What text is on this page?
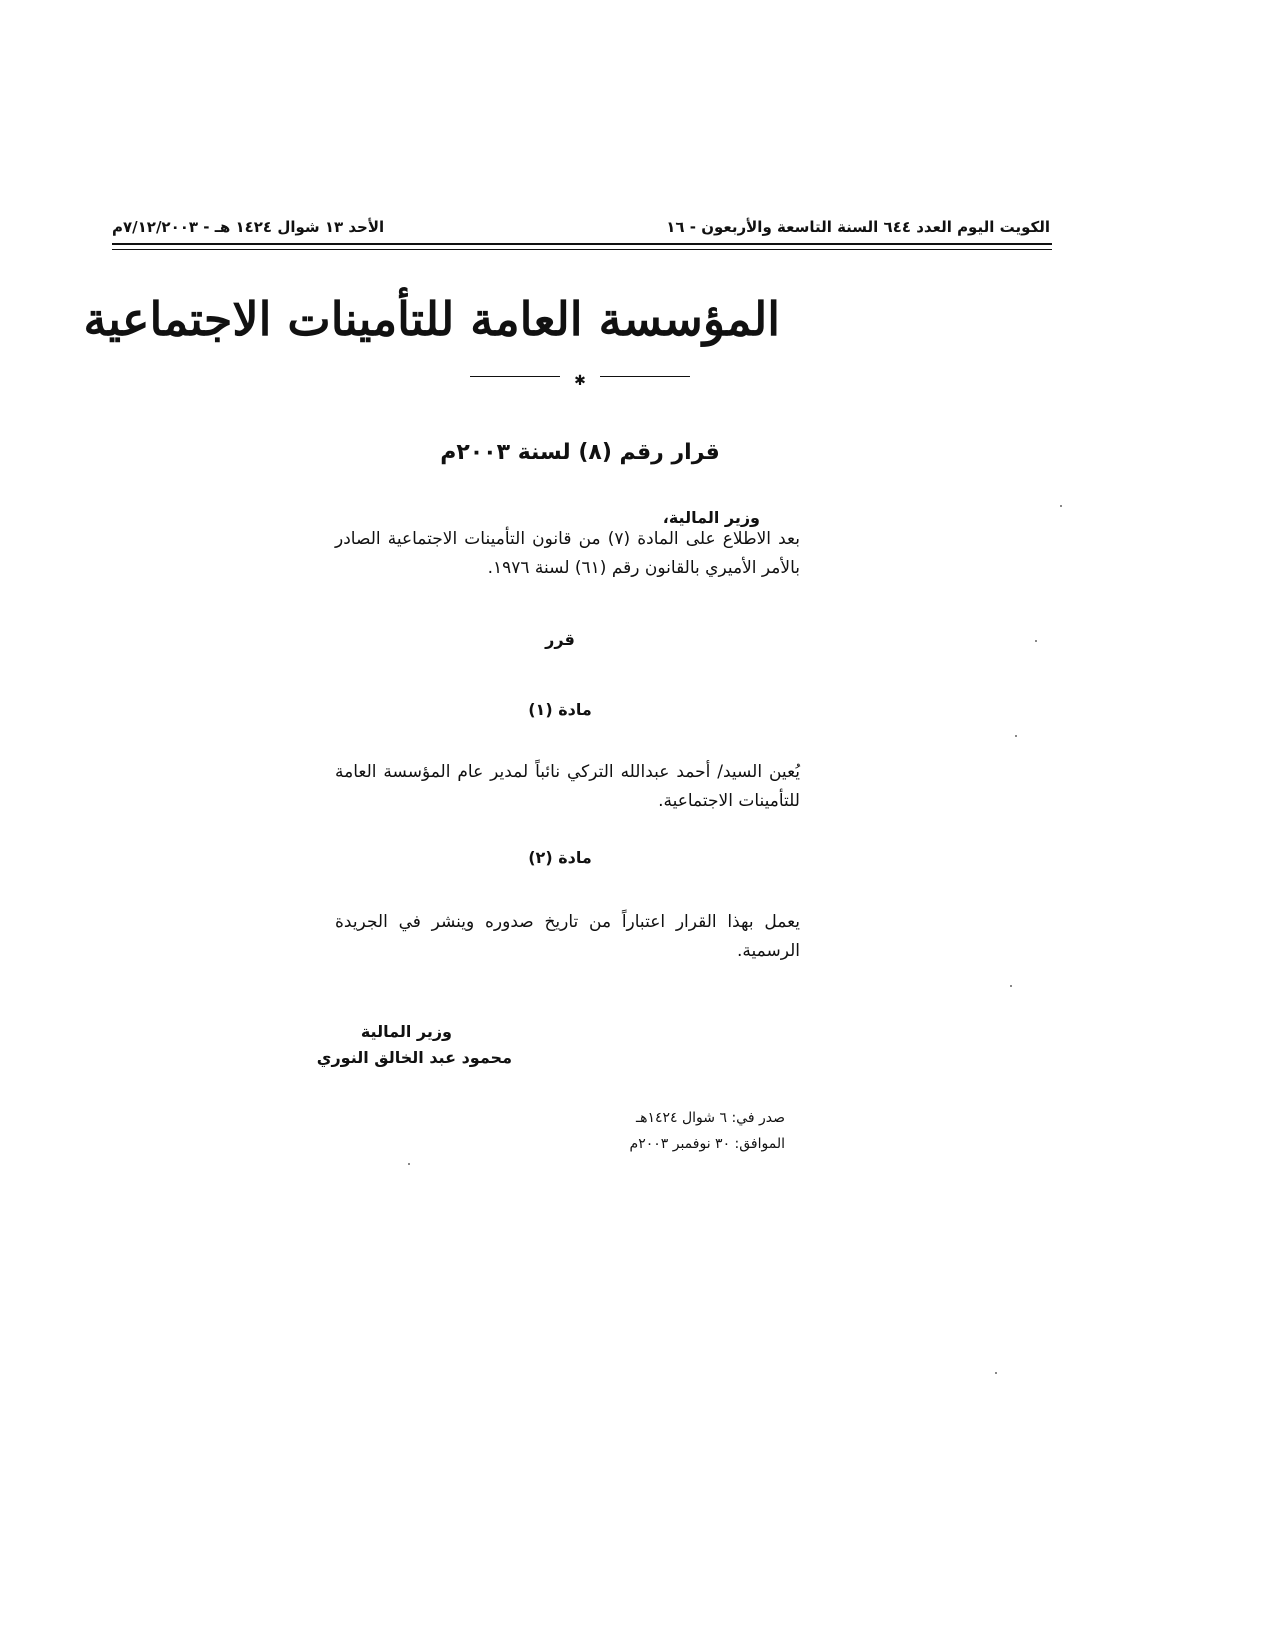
الكويت اليوم العدد ٦٤٤ السنة التاسعة والأربعون - ١٦
الأحد ١٣ شوال ١٤٢٤ هـ - ٧/١٢/٢٠٠٣م
المؤسسة العامة للتأمينات الاجتماعية
✱
قرار رقم (٨) لسنة ٢٠٠٣م
وزير المالية،
بعد الاطلاع على المادة (٧) من قانون التأمينات الاجتماعية الصادر بالأمر الأميري بالقانون رقم (٦١) لسنة ١٩٧٦.
قرر
مادة (١)
يُعين السيد/ أحمد عبدالله التركي نائباً لمدير عام المؤسسة العامة للتأمينات الاجتماعية.
مادة (٢)
يعمل بهذا القرار اعتباراً من تاريخ صدوره وينشر في الجريدة الرسمية.
وزير المالية
محمود عبد الخالق النوري
صدر في: ٦ شوال ١٤٢٤هـ
الموافق: ٣٠ نوفمبر ٢٠٠٣م
